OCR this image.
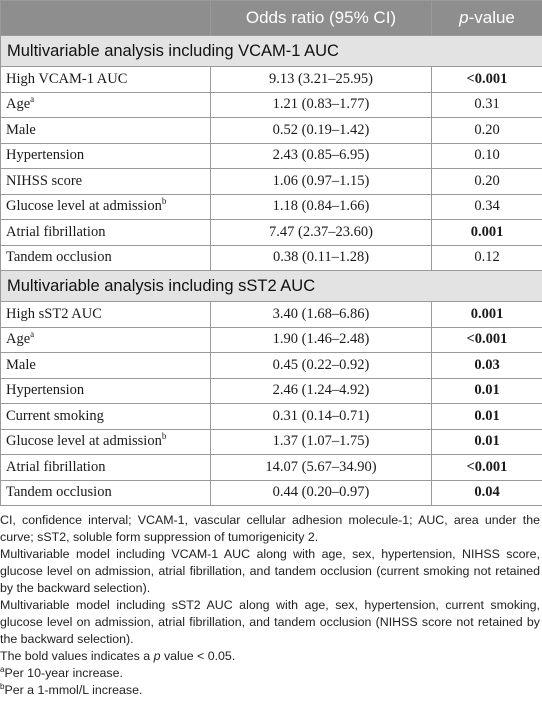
	Odds ratio (95% CI)	p-value
Multivariable analysis including VCAM-1 AUC		
High VCAM-1 AUC	9.13 (3.21–25.95)	<0.001
Age$^a$	1.21 (0.83–1.77)	0.31
Male	0.52 (0.19–1.42)	0.20
Hypertension	2.43 (0.85–6.95)	0.10
NIHSS score	1.06 (0.97–1.15)	0.20
Glucose level at admission$^b$	1.18 (0.84–1.66)	0.34
Atrial fibrillation	7.47 (2.37–23.60)	0.001
Tandem occlusion	0.38 (0.11–1.28)	0.12
Multivariable analysis including sST2 AUC		
High sST2 AUC	3.40 (1.68–6.86)	0.001
Age$^a$	1.90 (1.46–2.48)	<0.001
Male	0.45 (0.22–0.92)	0.03
Hypertension	2.46 (1.24–4.92)	0.01
Current smoking	0.31 (0.14–0.71)	0.01
Glucose level at admission$^b$	1.37 (1.07–1.75)	0.01
Atrial fibrillation	14.07 (5.67–34.90)	<0.001
Tandem occlusion	0.44 (0.20–0.97)	0.04

CI, confidence interval; VCAM-1, vascular cellular adhesion molecule-1; AUC, area under the curve; sST2, soluble form suppression of tumorigenicity 2.

Multivariable model including VCAM-1 AUC along with age, sex, hypertension, NIHSS score, glucose level on admission, atrial fibrillation, and tandem occlusion (current smoking not retained by the backward selection).

Multivariable model including sST2 AUC along with age, sex, hypertension, current smoking, glucose level on admission, atrial fibrillation, and tandem occlusion (NIHSS score not retained by the backward selection).

The bold values indicates a p value < 0.05.

$^a$Per 10-year increase.

$^b$Per a 1-mmol/L increase.
